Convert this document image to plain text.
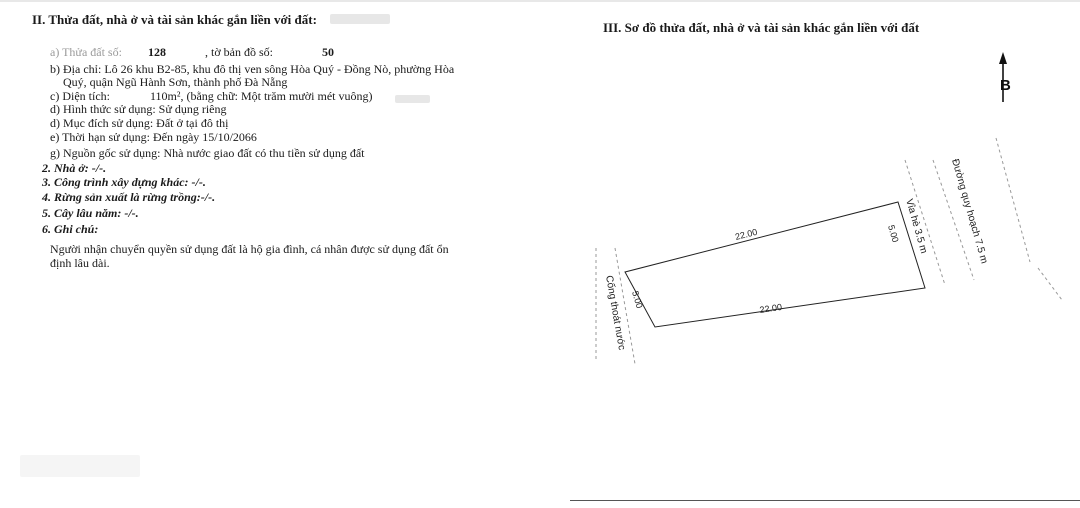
II. Thửa đất, nhà ở và tài sản khác gắn liền với đất:
a) Thửa đất số: 128	, tờ bản đồ số:	50
b) Địa chỉ: Lô 26 khu B2-85, khu đô thị ven sông Hòa Quý - Đồng Nò, phường Hòa
Quý, quận Ngũ Hành Sơn, thành phố Đà Nẵng
c) Diện tích:	110m², (bằng chữ: Một trăm mười mét vuông)
d) Hình thức sử dụng: Sử dụng riêng
d) Mục đích sử dụng: Đất ở tại đô thị
e) Thời hạn sử dụng: Đến ngày 15/10/2066
g) Nguồn gốc sử dụng: Nhà nước giao đất có thu tiền sử dụng đất
2. Nhà ở: -/-.
3. Công trình xây dựng khác: -/-.
4. Rừng sản xuất là rừng trồng:-/-.
5. Cây lâu năm: -/-.
6. Ghi chú:
Người nhận chuyển quyền sử dụng đất là hộ gia đình, cá nhân được sử dụng đất ổn
định lâu dài.
III. Sơ đồ thửa đất, nhà ở và tài sản khác gắn liền với đất
B
22.00
22.00
5.00
5.00 Vỉa hè 3.5 m Đường quy hoạch 7.5 m
Cống thoát nước
